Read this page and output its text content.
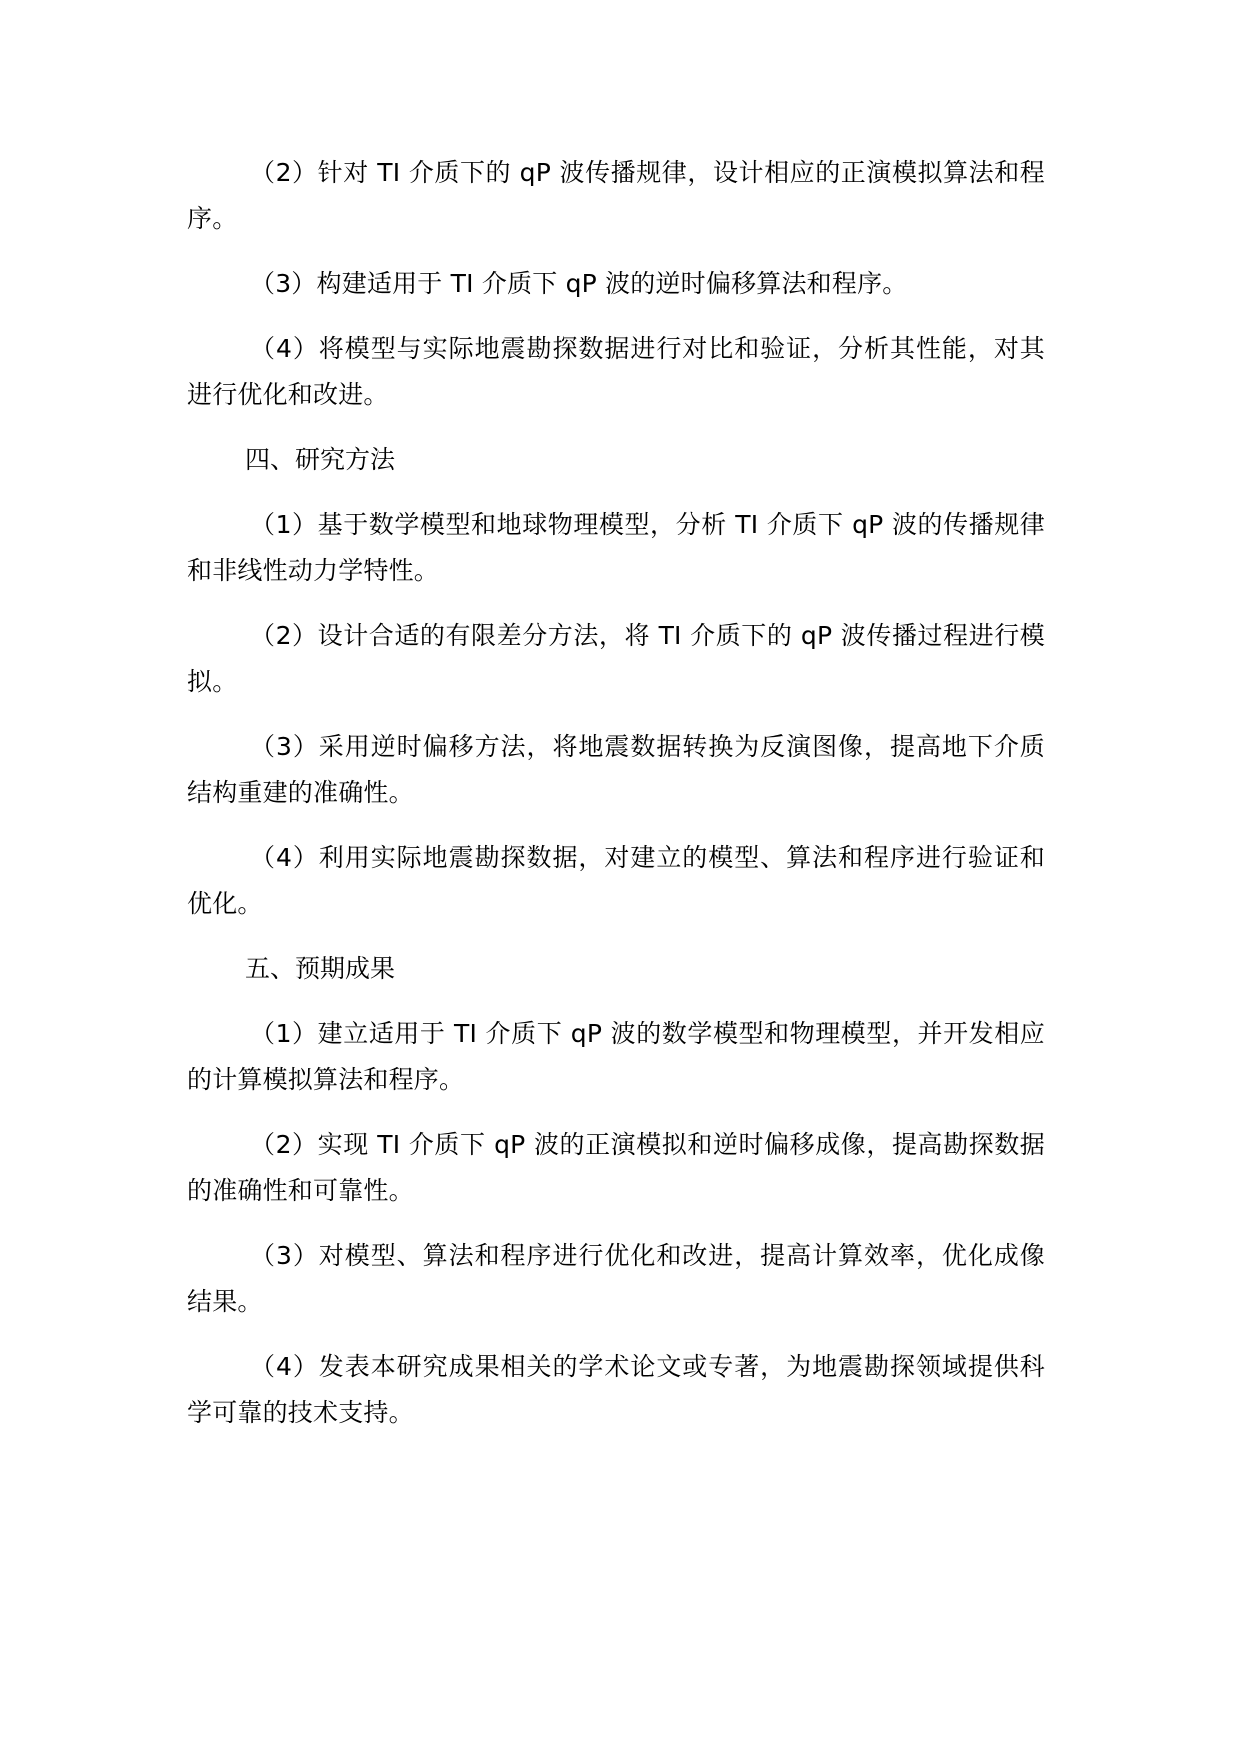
（2）针对 TI 介质下的 qP 波传播规律，设计相应的正演模拟算法和程序。

（3）构建适用于 TI 介质下 qP 波的逆时偏移算法和程序。

（4）将模型与实际地震勘探数据进行对比和验证，分析其性能，对其进行优化和改进。

四、研究方法

（1）基于数学模型和地球物理模型，分析 TI 介质下 qP 波的传播规律和非线性动力学特性。

（2）设计合适的有限差分方法，将 TI 介质下的 qP 波传播过程进行模拟。

（3）采用逆时偏移方法，将地震数据转换为反演图像，提高地下介质结构重建的准确性。

（4）利用实际地震勘探数据，对建立的模型、算法和程序进行验证和优化。

五、预期成果

（1）建立适用于 TI 介质下 qP 波的数学模型和物理模型，并开发相应的计算模拟算法和程序。

（2）实现 TI 介质下 qP 波的正演模拟和逆时偏移成像，提高勘探数据的准确性和可靠性。

（3）对模型、算法和程序进行优化和改进，提高计算效率，优化成像结果。

（4）发表本研究成果相关的学术论文或专著，为地震勘探领域提供科学可靠的技术支持。
